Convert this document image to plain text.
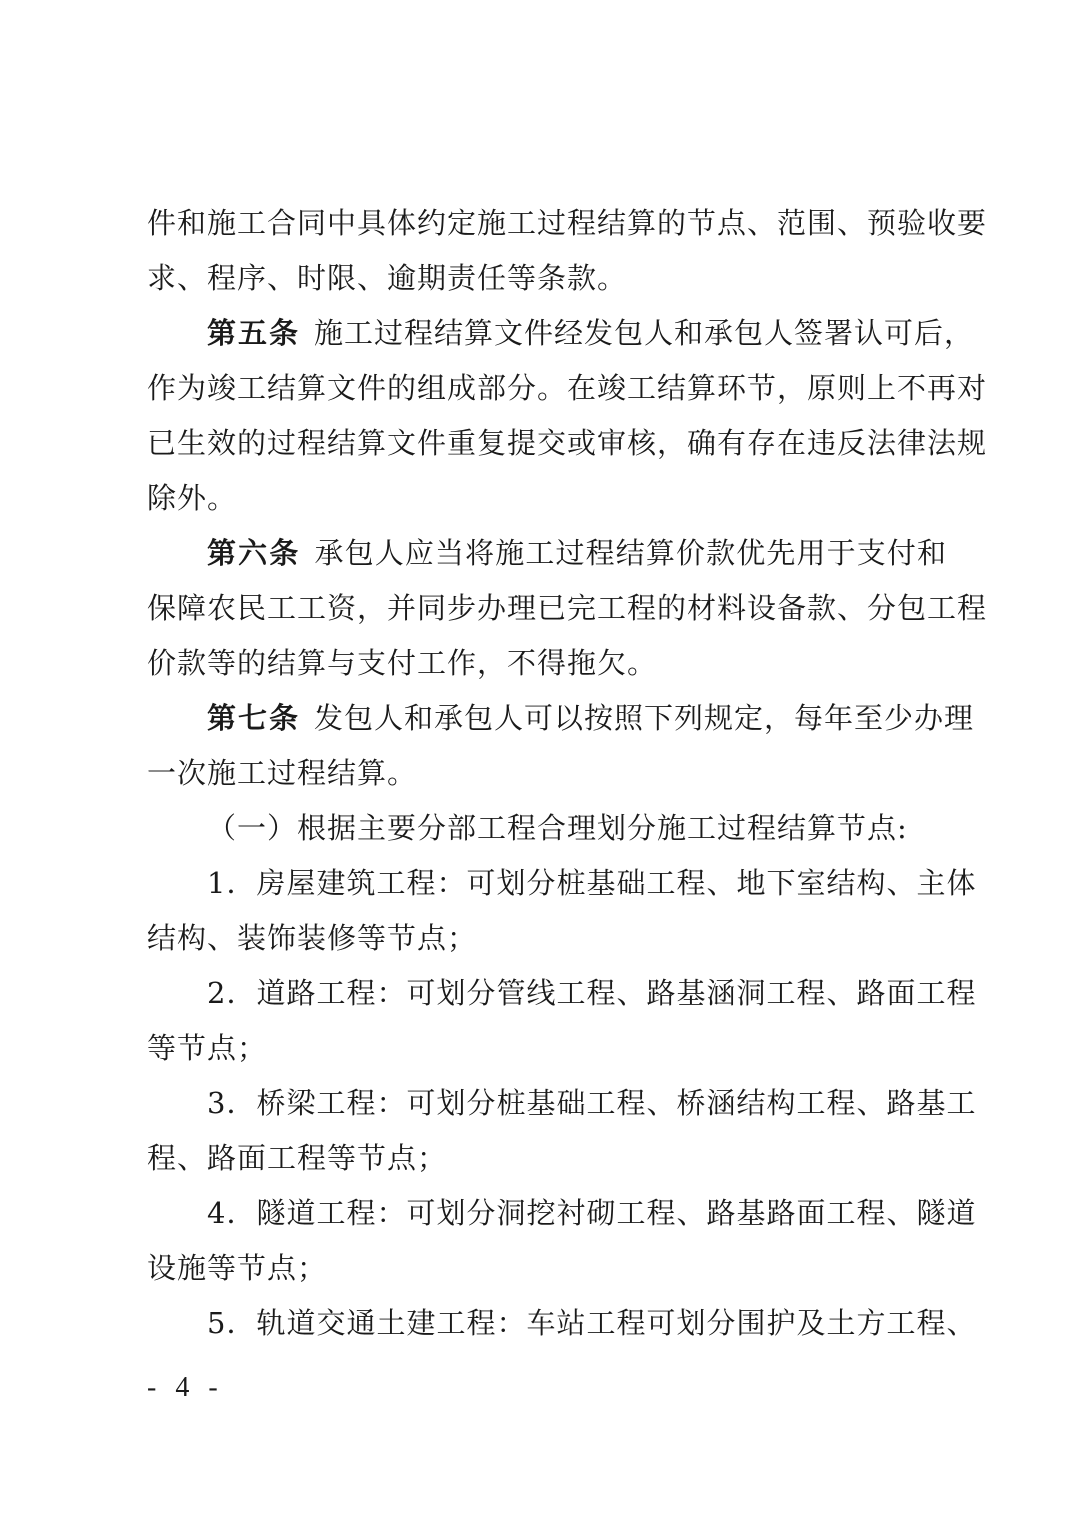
件和施工合同中具体约定施工过程结算的节点、范围、预验收要
求、程序、时限、逾期责任等条款。
第五条 施工过程结算文件经发包人和承包人签署认可后，
作为竣工结算文件的组成部分。在竣工结算环节，原则上不再对
已生效的过程结算文件重复提交或审核，确有存在违反法律法规
除外。
第六条 承包人应当将施工过程结算价款优先用于支付和
保障农民工工资，并同步办理已完工程的材料设备款、分包工程
价款等的结算与支付工作，不得拖欠。
第七条 发包人和承包人可以按照下列规定，每年至少办理
一次施工过程结算。
（一）根据主要分部工程合理划分施工过程结算节点:
1．房屋建筑工程：可划分桩基础工程、地下室结构、主体
结构、装饰装修等节点；
2．道路工程：可划分管线工程、路基涵洞工程、路面工程
等节点；
3．桥梁工程：可划分桩基础工程、桥涵结构工程、路基工
程、路面工程等节点；
4．隧道工程：可划分洞挖衬砌工程、路基路面工程、隧道
设施等节点；
5．轨道交通土建工程：车站工程可划分围护及土方工程、
- 4 -
